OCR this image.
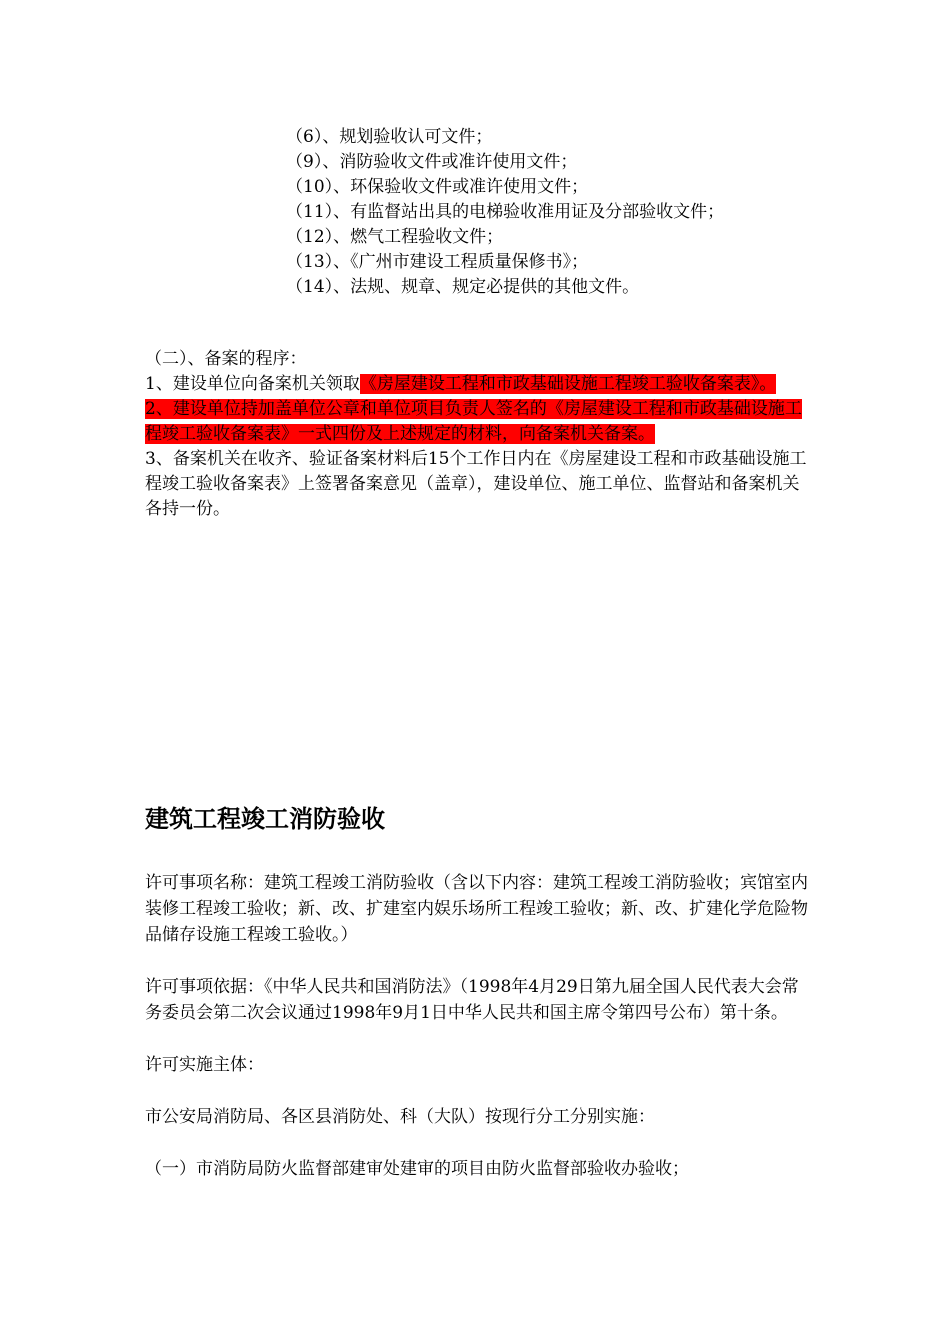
（6）、规划验收认可文件；
（9）、消防验收文件或准许使用文件；
（10）、环保验收文件或准许使用文件；
（11）、有监督站出具的电梯验收准用证及分部验收文件；
（12）、燃气工程验收文件；
（13）、《广州市建设工程质量保修书》；
（14）、法规、规章、规定必提供的其他文件。

（二）、备案的程序：

1、建设单位向备案机关领取《房屋建设工程和市政基础设施工程竣工验收备案表》。

2、建设单位持加盖单位公章和单位项目负责人签名的《房屋建设工程和市政基础设施工程竣工验收备案表》一式四份及上述规定的材料，向备案机关备案。

3、备案机关在收齐、验证备案材料后15个工作日内在《房屋建设工程和市政基础设施工程竣工验收备案表》上签署备案意见（盖章），建设单位、施工单位、监督站和备案机关各持一份。

建筑工程竣工消防验收

许可事项名称：建筑工程竣工消防验收（含以下内容：建筑工程竣工消防验收；宾馆室内装修工程竣工验收；新、改、扩建室内娱乐场所工程竣工验收；新、改、扩建化学危险物品储存设施工程竣工验收。）

许可事项依据：《中华人民共和国消防法》（1998年4月29日第九届全国人民代表大会常务委员会第二次会议通过1998年9月1日中华人民共和国主席令第四号公布）第十条。

许可实施主体：

市公安局消防局、各区县消防处、科（大队）按现行分工分别实施：

（一）市消防局防火监督部建审处建审的项目由防火监督部验收办验收；
